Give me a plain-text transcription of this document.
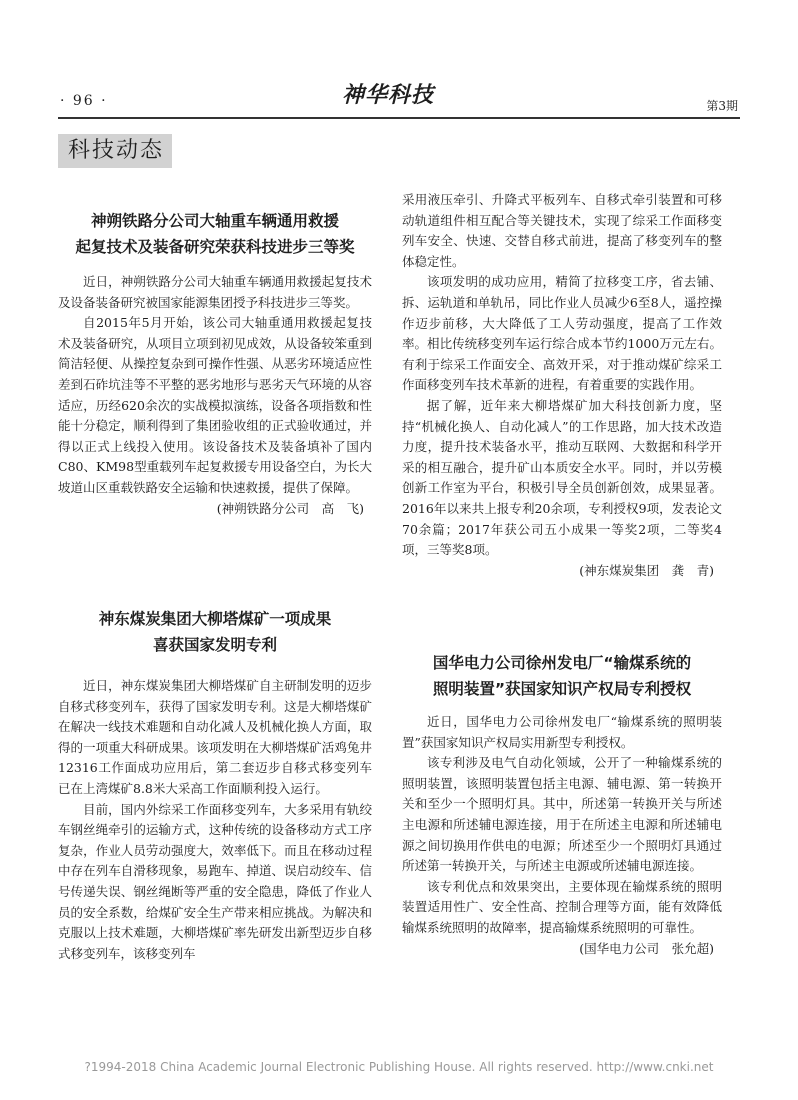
· 96 ·	神华科技	第3期
科技动态
神朔铁路分公司大轴重车辆通用救援
起复技术及装备研究荣获科技进步三等奖

近日，神朔铁路分公司大轴重车辆通用救援起复技术及设备装备研究被国家能源集团授予科技进步三等奖。

自2015年5月开始，该公司大轴重通用救援起复技术及装备研究，从项目立项到初见成效，从设备较笨重到简洁轻便、从操控复杂到可操作性强、从恶劣环境适应性差到石砟坑洼等不平整的恶劣地形与恶劣天气环境的从容适应，历经620余次的实战模拟演练，设备各项指数和性能十分稳定，顺利得到了集团验收组的正式验收通过，并得以正式上线投入使用。该设备技术及装备填补了国内C80、KM98型重载列车起复救援专用设备空白，为长大坡道山区重载铁路安全运输和快速救援，提供了保障。

(神朔铁路分公司　高　飞)
神东煤炭集团大柳塔煤矿一项成果
喜获国家发明专利

近日，神东煤炭集团大柳塔煤矿自主研制发明的迈步自移式移变列车，获得了国家发明专利。这是大柳塔煤矿在解决一线技术难题和自动化减人及机械化换人方面，取得的一项重大科研成果。该项发明在大柳塔煤矿活鸡兔井12316工作面成功应用后，第二套迈步自移式移变列车已在上湾煤矿8.8米大采高工作面顺利投入运行。

目前，国内外综采工作面移变列车，大多采用有轨绞车钢丝绳牵引的运输方式，这种传统的设备移动方式工序复杂，作业人员劳动强度大，效率低下。而且在移动过程中存在列车自滑移现象，易跑车、掉道、误启动绞车、信号传递失误、钢丝绳断等严重的安全隐患，降低了作业人员的安全系数，给煤矿安全生产带来相应挑战。为解决和克服以上技术难题，大柳塔煤矿率先研发出新型迈步自移式移变列车，该移变列车

采用液压牵引、升降式平板列车、自移式牵引装置和可移动轨道组件相互配合等关键技术，实现了综采工作面移变列车安全、快速、交替自移式前进，提高了移变列车的整体稳定性。

该项发明的成功应用，精简了拉移变工序，省去铺、拆、运轨道和单轨吊，同比作业人员减少6至8人，遥控操作迈步前移，大大降低了工人劳动强度，提高了工作效率。相比传统移变列车运行综合成本节约1000万元左右。有利于综采工作面安全、高效开采，对于推动煤矿综采工作面移变列车技术革新的进程，有着重要的实践作用。

据了解，近年来大柳塔煤矿加大科技创新力度，坚持“机械化换人、自动化减人”的工作思路，加大技术改造力度，提升技术装备水平，推动互联网、大数据和科学开采的相互融合，提升矿山本质安全水平。同时，并以劳模创新工作室为平台，积极引导全员创新创效，成果显著。2016年以来共上报专利20余项，专利授权9项，发表论文70余篇；2017年获公司五小成果一等奖2项，二等奖4项，三等奖8项。

(神东煤炭集团　龚　青)
国华电力公司徐州发电厂“输煤系统的
照明装置”获国家知识产权局专利授权

近日，国华电力公司徐州发电厂“输煤系统的照明装置”获国家知识产权局实用新型专利授权。

该专利涉及电气自动化领域，公开了一种输煤系统的照明装置，该照明装置包括主电源、辅电源、第一转换开关和至少一个照明灯具。其中，所述第一转换开关与所述主电源和所述辅电源连接，用于在所述主电源和所述辅电源之间切换用作供电的电源；所述至少一个照明灯具通过所述第一转换开关，与所述主电源或所述辅电源连接。

该专利优点和效果突出，主要体现在输煤系统的照明装置适用性广、安全性高、控制合理等方面，能有效降低输煤系统照明的故障率，提高输煤系统照明的可靠性。

(国华电力公司　张允超)
?1994-2018 China Academic Journal Electronic Publishing House. All rights reserved. http://www.cnki.net
